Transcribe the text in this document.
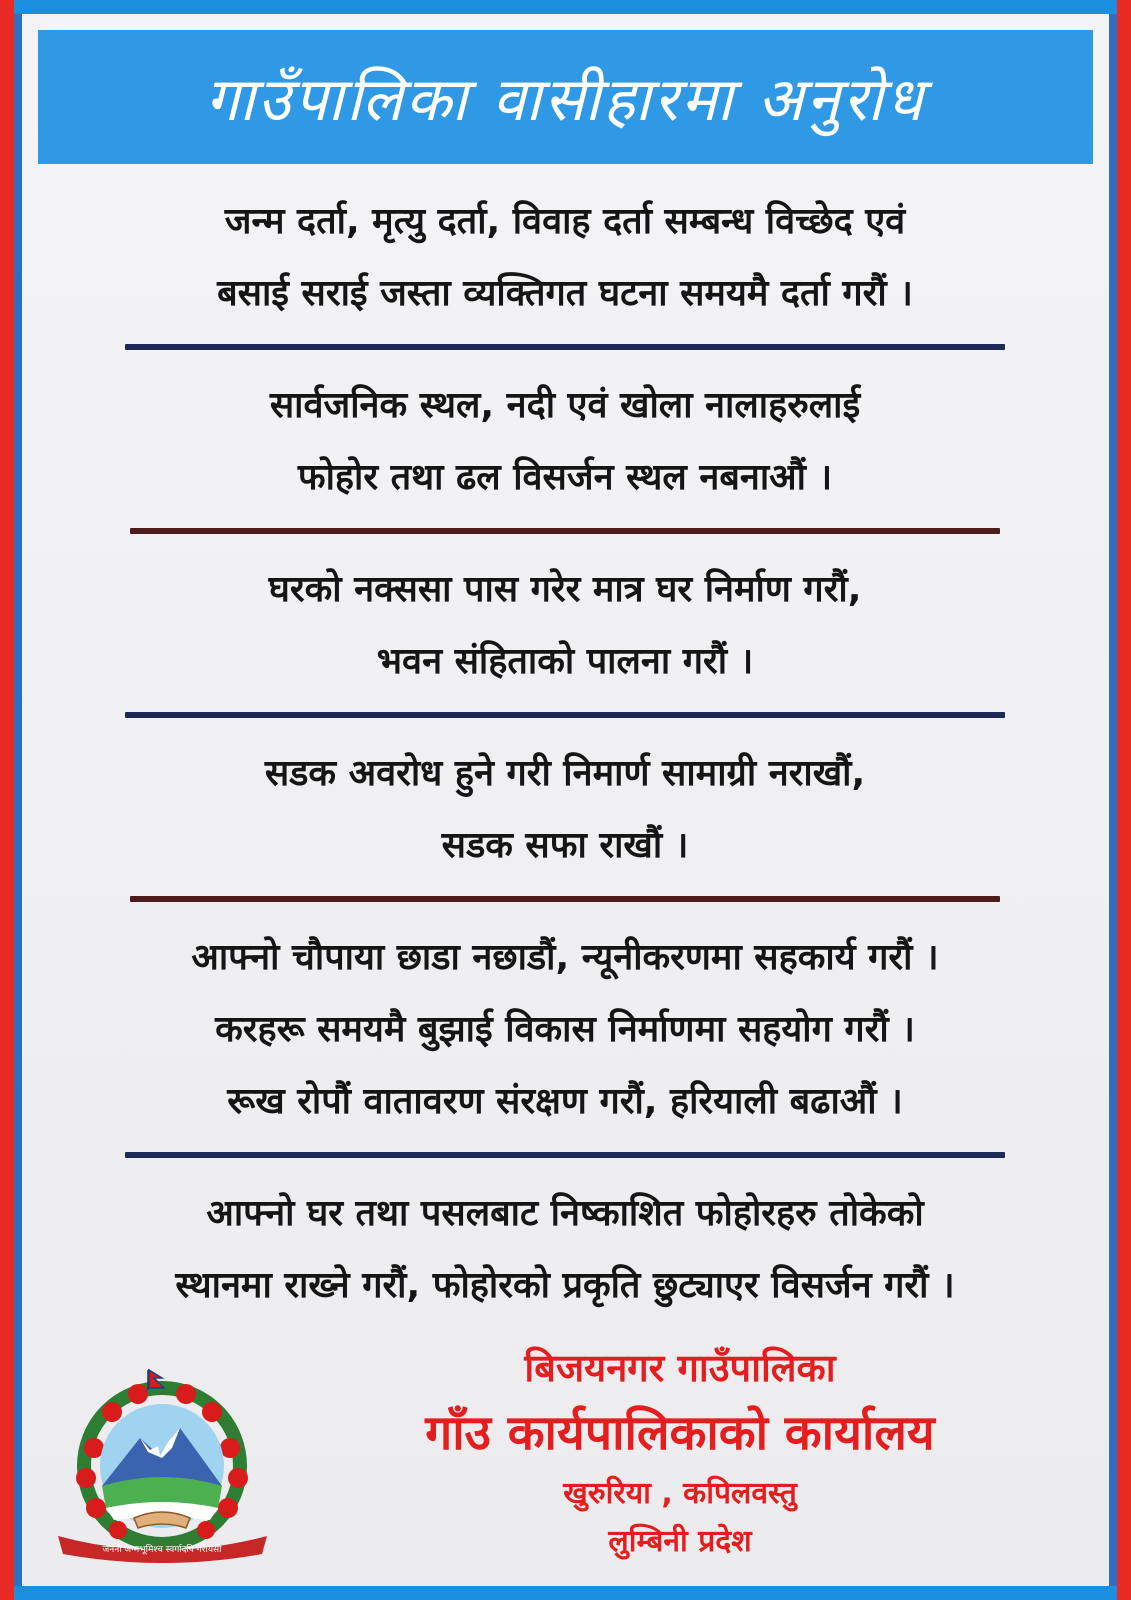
गाउँपालिका वासीहारमा अनुरोध
जन्म दर्ता, मृत्यु दर्ता, विवाह दर्ता सम्बन्ध विच्छेद एवं
बसाई सराई जस्ता व्यक्तिगत घटना समयमै दर्ता गरौं ।
सार्वजनिक स्थल, नदी एवं खोला नालाहरुलाई
फोहोर तथा ढल विसर्जन स्थल नबनाऔं ।
घरको नक्ससा पास गरेर मात्र घर निर्माण गरौं,
भवन संहिताको पालना गरौं ।
सडक अवरोध हुने गरी निमार्ण सामाग्री नराखौं,
सडक सफा राखौं ।
आफ्नो चौपाया छाडा नछाडौं, न्यूनीकरणमा सहकार्य गरौं ।
करहरू समयमै बुझाई विकास निर्माणमा सहयोग गरौं ।
रूख रोपौं वातावरण संरक्षण गरौं, हरियाली बढाऔं ।
आफ्नो घर तथा पसलबाट निष्काशित फोहोरहरु तोकेको
स्थानमा राख्ने गरौं, फोहोरको प्रकृति छुट्याएर विसर्जन गरौं ।
जननी जन्मभूमिश्च स्वर्गादपि गरीयसी
बिजयनगर गाउँपालिका
गाँउ कार्यपालिकाको कार्यालय
खुरुरिया , कपिलवस्तु
लुम्बिनी प्रदेश
